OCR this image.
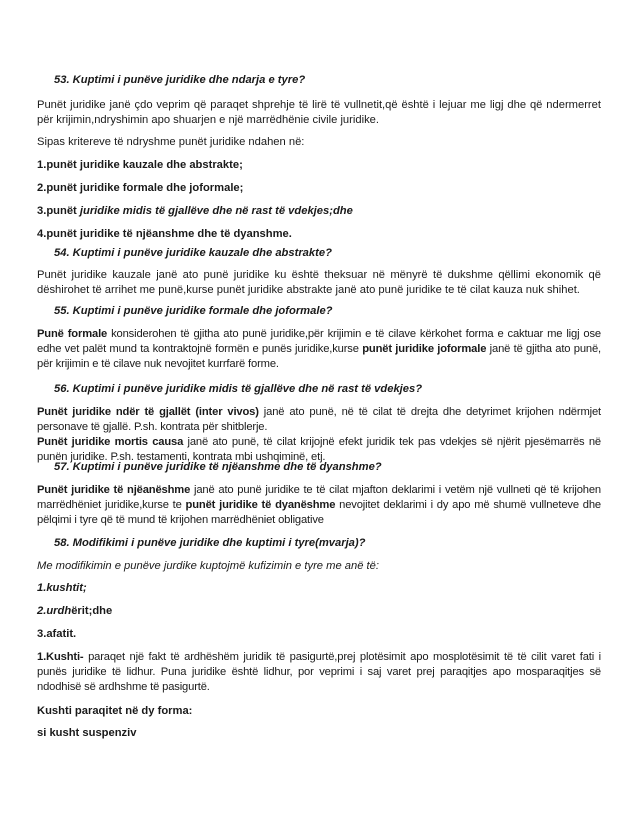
53. Kuptimi i punëve juridike dhe ndarja e tyre?

Punët juridike janë çdo veprim që paraqet shprehje të lirë të vullnetit,që është i lejuar me ligj dhe që ndermerret për krijimin,ndryshimin apo shuarjen e një marrëdhënie civile juridike.

Sipas kritereve të ndryshme punët juridike ndahen në:

1.punët juridike kauzale dhe abstrakte;

2.punët juridike formale dhe joformale;

3.punët juridike midis të gjallëve dhe në rast të vdekjes;dhe

4.punët juridike të njëanshme dhe të dyanshme.

54. Kuptimi i punëve juridike kauzale dhe abstrakte?

Punët juridike kauzale janë ato punë juridike ku është theksuar në mënyrë të dukshme qëllimi ekonomik që dëshirohet të arrihet me punë,kurse punët juridike abstrakte janë ato punë juridike te të cilat kauza nuk shihet.

55. Kuptimi i punëve juridike formale dhe joformale?

Punë formale konsiderohen të gjitha ato punë juridike,për krijimin e të cilave kërkohet forma e caktuar me ligj ose edhe vet palët mund ta kontraktojnë formën e punës juridike,kurse punët juridike joformale janë të gjitha ato punë, për krijimin e të cilave nuk nevojitet kurrfarë forme.

56. Kuptimi i punëve juridike midis të gjallëve dhe në rast të vdekjes?

Punët juridike ndër të gjallët (inter vivos) janë ato punë, në të cilat të drejta dhe detyrimet krijohen ndërmjet personave të gjallë. P.sh. kontrata për shitblerje.

Punët juridike mortis causa janë ato punë, të cilat krijojnë efekt juridik tek pas vdekjes së njërit pjesëmarrës në punën juridike. P.sh. testamenti, kontrata mbi ushqiminë, etj.

57. Kuptimi i punëve juridike të njëanshme dhe të dyanshme?

Punët juridike të njëanëshme janë ato punë juridike te të cilat mjafton deklarimi i vetëm një vullneti që të krijohen marrëdhëniet juridike,kurse te punët juridike të dyanëshme nevojitet deklarimi i dy apo më shumë vullneteve dhe pëlqimi i tyre që të mund të krijohen marrëdhëniet obligative

58. Modifikimi i punëve juridike dhe kuptimi i tyre(mvarja)?

Me modifikimin e punëve jurdike kuptojmë kufizimin e tyre me anë të:

1.kushtit;

2.urdhërit;dhe

3.afatit.

1.Kushti- paraqet një fakt të ardhëshëm juridik të pasigurtë,prej plotësimit apo mosplotësimit të të cilit varet fati i punës juridike të lidhur. Puna juridike është lidhur, por veprimi i saj varet prej paraqitjes apo mosparaqitjes së ndodhisë së ardhshme të pasigurtë.

Kushti paraqitet në dy forma:

si kusht suspenziv
